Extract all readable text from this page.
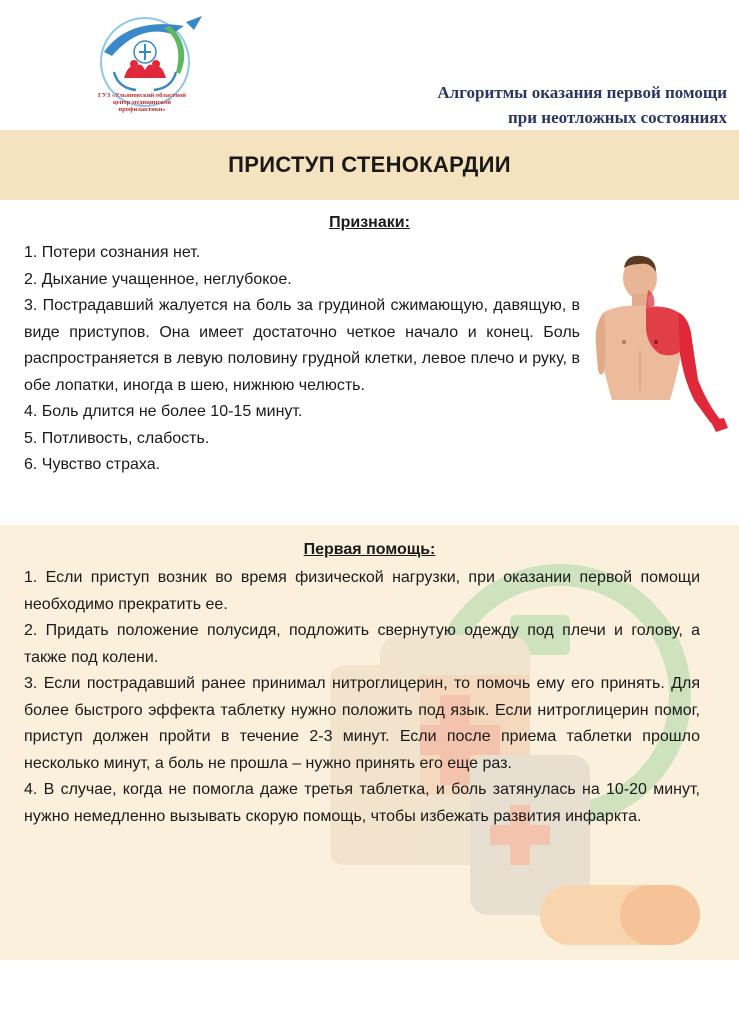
ГУЗ «Ульяновский областной
центр медицинской
профилактики»
Алгоритмы оказания первой помощи
при неотложных состояниях
ПРИСТУП СТЕНОКАРДИИ
Признаки:
1. Потери сознания нет.
2. Дыхание учащенное, неглубокое.
3. Пострадавший жалуется на боль за грудиной сжимающую, давящую, в виде приступов. Она имеет достаточно четкое начало и конец. Боль распространяется в левую половину грудной клетки, левое плечо и руку, в обе лопатки, иногда в шею, нижнюю челюсть.
4. Боль длится не более 10-15 минут.
5. Потливость, слабость.
6. Чувство страха.
Первая помощь:
1. Если приступ возник во время физической нагрузки, при оказании первой помощи необходимо прекратить ее.
2. Придать положение полусидя, подложить свернутую одежду под плечи и голову, а также под колени.
3. Если пострадавший ранее принимал нитроглицерин, то помочь ему его принять. Для более быстрого эффекта таблетку нужно положить под язык. Если нитроглицерин помог, приступ должен пройти в течение 2-3 минут. Если после приема таблетки прошло несколько минут, а боль не прошла – нужно принять его еще раз.
4. В случае, когда не помогла даже третья таблетка, и боль затянулась на 10-20 минут, нужно немедленно вызывать скорую помощь, чтобы избежать развития инфаркта.
